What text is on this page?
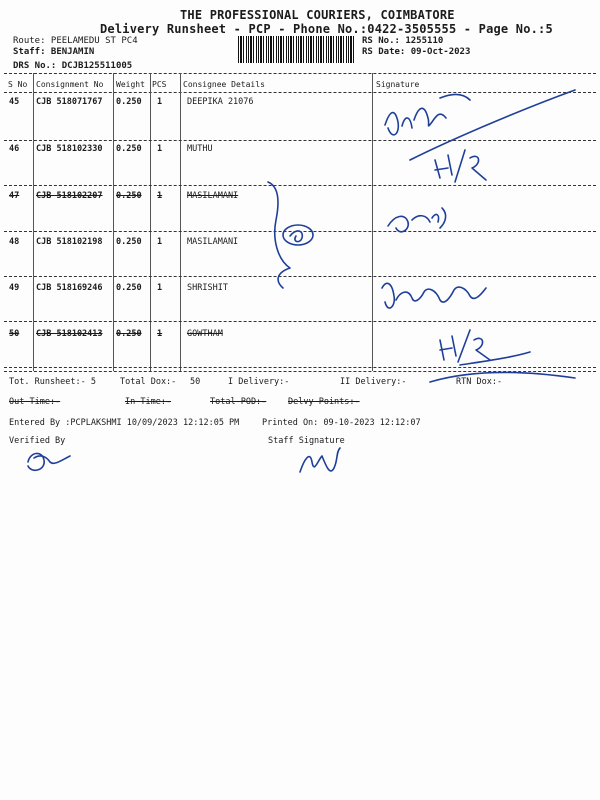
THE PROFESSIONAL COURIERS, COIMBATORE
Delivery Runsheet - PCP - Phone No.:0422-3505555 - Page No.:5
Route: PEELAMEDU ST PC4
Staff: BENJAMIN
DRS No.: DCJB125511005
RS No.: 1255110
RS Date: 09-Oct-2023
S No Consignment No Weight PCS Consignee Details	Signature
45 CJB 518071767 0.250 1	DEEPIKA 21076
46 CJB 518102330 0.250 1	MUTHU
47 CJB 518102207 0.250 1	MASILAMANI
48 CJB 518102198 0.250 1	MASILAMANI
49 CJB 518169246 0.250 1	SHRISHIT
50 CJB 518102413 0.250 1	GOWTHAM
Tot. Runsheet:- 5	Total Dox:- 50	I Delivery:-	II Delivery:-	RTN Dox:-
Out Time:-	In Time:-	Total POD:-	Delvy Points:-
Entered By :PCPLAKSHMI 10/09/2023 12:12:05 PM	Printed On: 09-10-2023 12:12:07
Verified By	Staff Signature
